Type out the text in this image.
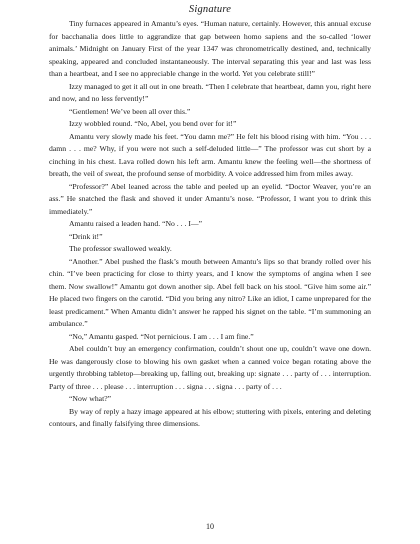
Signature

Tiny furnaces appeared in Amantu’s eyes. “Human nature, certainly. However, this annual excuse for bacchanalia does little to aggrandize that gap between homo sapiens and the so-called ‘lower animals.’ Midnight on January First of the year 1347 was chronometrically destined, and, technically speaking, appeared and concluded instantaneously. The interval separating this year and last was less than a heartbeat, and I see no appreciable change in the world. Yet you celebrate still!”

Izzy managed to get it all out in one breath. “Then I celebrate that heartbeat, damn you, right here and now, and no less fervently!”

“Gentlemen! We’ve been all over this.”

Izzy wobbled round. “No, Abel, you bend over for it!”

Amantu very slowly made his feet. “You damn me?” He felt his blood rising with him. “You . . . damn . . . me? Why, if you were not such a self-deluded little—” The professor was cut short by a cinching in his chest. Lava rolled down his left arm. Amantu knew the feeling well—the shortness of breath, the veil of sweat, the profound sense of morbidity. A voice addressed him from miles away.

“Professor?” Abel leaned across the table and peeled up an eyelid. “Doctor Weaver, you’re an ass.” He snatched the flask and shoved it under Amantu’s nose. “Professor, I want you to drink this immediately.”

Amantu raised a leaden hand. “No . . . I—”

“Drink it!”

The professor swallowed weakly.

“Another.” Abel pushed the flask’s mouth between Amantu’s lips so that brandy rolled over his chin. “I’ve been practicing for close to thirty years, and I know the symptoms of angina when I see them. Now swallow!” Amantu got down another sip. Abel fell back on his stool. “Give him some air.” He placed two fingers on the carotid. “Did you bring any nitro? Like an idiot, I came unprepared for the least predicament.” When Amantu didn’t answer he rapped his signet on the table. “I’m summoning an ambulance.”

“No,” Amantu gasped. “Not pernicious. I am . . . I am fine.”

Abel couldn’t buy an emergency confirmation, couldn’t shout one up, couldn’t wave one down. He was dangerously close to blowing his own gasket when a canned voice began rotating above the urgently throbbing tabletop—breaking up, falling out, breaking up: signate . . . party of . . . interruption. Party of three . . . please . . . interruption . . . signa . . . signa . . . party of . . .

“Now what?”

By way of reply a hazy image appeared at his elbow; stuttering with pixels, entering and deleting contours, and finally falsifying three dimensions.

10
